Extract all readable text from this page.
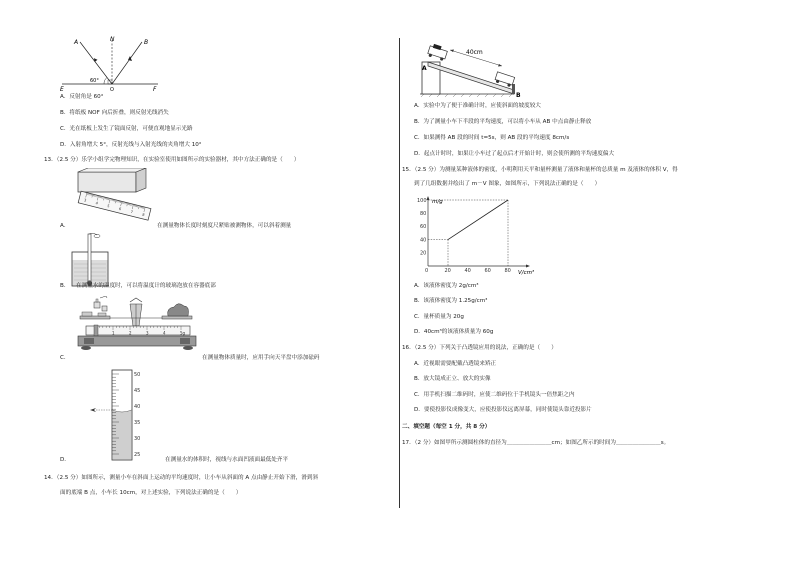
A	N	B
E	F
60°
O
A．反射角是 60°
B．将纸板 NOF 向后折叠，则反射光线消失
C．光在纸板上发生了镜面反射，可便直观地显示光路
D．入射角增大 5°，反射光线与入射光线的夹角增大 10°
13．（2.5 分）乐学小组学完物理知识，在实验室使用如图所示的实验器材，其中方法正确的是（　　）
3
4
5
6
7
8
A．	在测量物体长度时刻度尺紧贴被测物体，可以斜着测量
B． 在测量水的温度时，可以将温度计的玻璃泡放在容器底部
1	2	3	4	5g
C．	在测量物体质量时，应用手向天平盘中添加砝码
50
45
40
35
30
25
D．	在测量水的体积时，视线与水面凹液面最低处齐平
14．（2.5 分）如图所示，测量小车在斜面上运动的平均速度时，让小车从斜面的 A 点由静止开始下滑，滑到斜
面的底端 B 点，小车长 10cm，对上述实验，下列说法正确的是（　　）
40cm
A
B
A．实验中为了便于准确计时，应使斜面的坡度较大
B．为了测量小车下半段的平均速度，可以将小车从 AB 中点由静止释放
C．如果测得 AB 段的时间 t=5s，则 AB 段的平均速度 8cm/s
D．起点计时时，如果让小车过了起点后才开始计时，则会使所测的平均速度偏大
15．（2.5 分）为测量某种液体的密度，小明利用天平和量杯测量了液体和量杯的总质量 m 及液体的体积 V，得
到了几组数据并绘出了 m－V 图象，如图所示，下列说法正确的是（　　）
m/g
V/cm³
0	20	40	60	80
20
40
60
80
100
A．该液体密度为 2g/cm³
B．该液体密度为 1.25g/cm³
C．量杯质量为 20g
D．40cm³的该液体质量为 60g
16．（2.5 分）下列关于凸透镜应用的说法，正确的是（　　）
A．近视眼需要配戴凸透镜来矫正
B．放大镜成正立、放大的实像
C．用手机扫描二维码时，应使二维码位于手机镜头一倍焦距之内
D．要使投影仪成像变大，应使投影仪远离屏幕，同时使镜头靠近投影片
二、填空题（每空 1 分，共 8 分）
17．（2 分）如图甲所示测圆柱体的直径为＿＿＿＿＿＿＿＿cm；如图乙所示的时间为＿＿＿＿＿＿＿＿s。
